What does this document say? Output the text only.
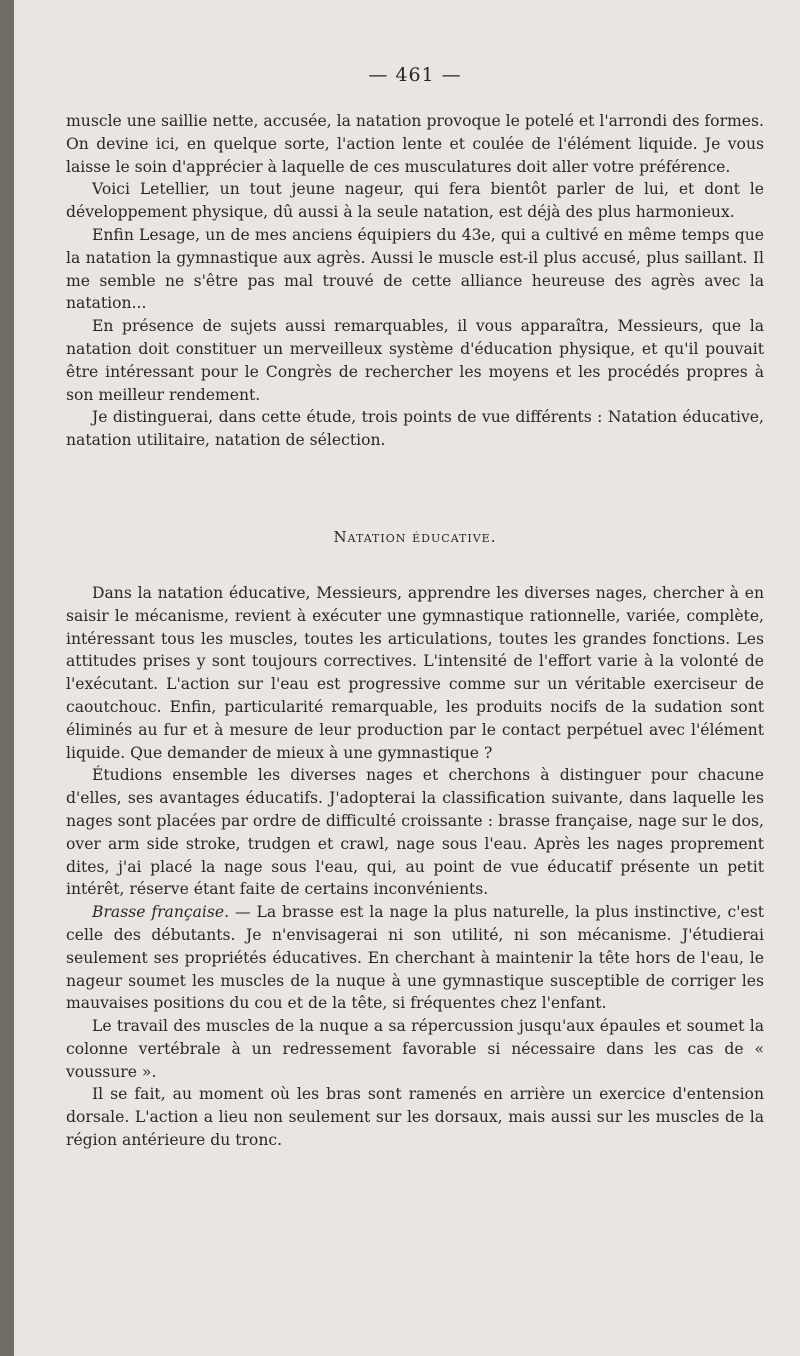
— 461 —

muscle une saillie nette, accusée, la natation provoque le potelé et l'arrondi des formes. On devine ici, en quelque sorte, l'action lente et coulée de l'élément liquide. Je vous laisse le soin d'apprécier à laquelle de ces musculatures doit aller votre préférence.

Voici Letellier, un tout jeune nageur, qui fera bientôt parler de lui, et dont le développement physique, dû aussi à la seule natation, est déjà des plus harmonieux.

Enfin Lesage, un de mes anciens équipiers du 43e, qui a cultivé en même temps que la natation la gymnastique aux agrès. Aussi le muscle est-il plus accusé, plus saillant. Il me semble ne s'être pas mal trouvé de cette alliance heureuse des agrès avec la natation...

En présence de sujets aussi remarquables, il vous apparaîtra, Messieurs, que la natation doit constituer un merveilleux système d'éducation physique, et qu'il pouvait être intéressant pour le Congrès de rechercher les moyens et les procédés propres à son meilleur rendement.

Je distinguerai, dans cette étude, trois points de vue différents : Natation éducative, natation utilitaire, natation de sélection.

Natation éducative.

Dans la natation éducative, Messieurs, apprendre les diverses nages, chercher à en saisir le mécanisme, revient à exécuter une gymnastique rationnelle, variée, complète, intéressant tous les muscles, toutes les articulations, toutes les grandes fonctions. Les attitudes prises y sont toujours correctives. L'intensité de l'effort varie à la volonté de l'exécutant. L'action sur l'eau est progressive comme sur un véritable exerciseur de caoutchouc. Enfin, particularité remarquable, les produits nocifs de la sudation sont éliminés au fur et à mesure de leur production par le contact perpétuel avec l'élément liquide. Que demander de mieux à une gymnastique ?

Étudions ensemble les diverses nages et cherchons à distinguer pour chacune d'elles, ses avantages éducatifs. J'adopterai la classification suivante, dans laquelle les nages sont placées par ordre de difficulté croissante : brasse française, nage sur le dos, over arm side stroke, trudgen et crawl, nage sous l'eau. Après les nages proprement dites, j'ai placé la nage sous l'eau, qui, au point de vue éducatif présente un petit intérêt, réserve étant faite de certains inconvénients.

Brasse française. — La brasse est la nage la plus naturelle, la plus instinctive, c'est celle des débutants. Je n'envisagerai ni son utilité, ni son mécanisme. J'étudierai seulement ses propriétés éducatives. En cherchant à maintenir la tête hors de l'eau, le nageur soumet les muscles de la nuque à une gymnastique susceptible de corriger les mauvaises positions du cou et de la tête, si fréquentes chez l'enfant.

Le travail des muscles de la nuque a sa répercussion jusqu'aux épaules et soumet la colonne vertébrale à un redressement favorable si nécessaire dans les cas de « voussure ».

Il se fait, au moment où les bras sont ramenés en arrière un exercice d'entension dorsale. L'action a lieu non seulement sur les dorsaux, mais aussi sur les muscles de la région antérieure du tronc.
